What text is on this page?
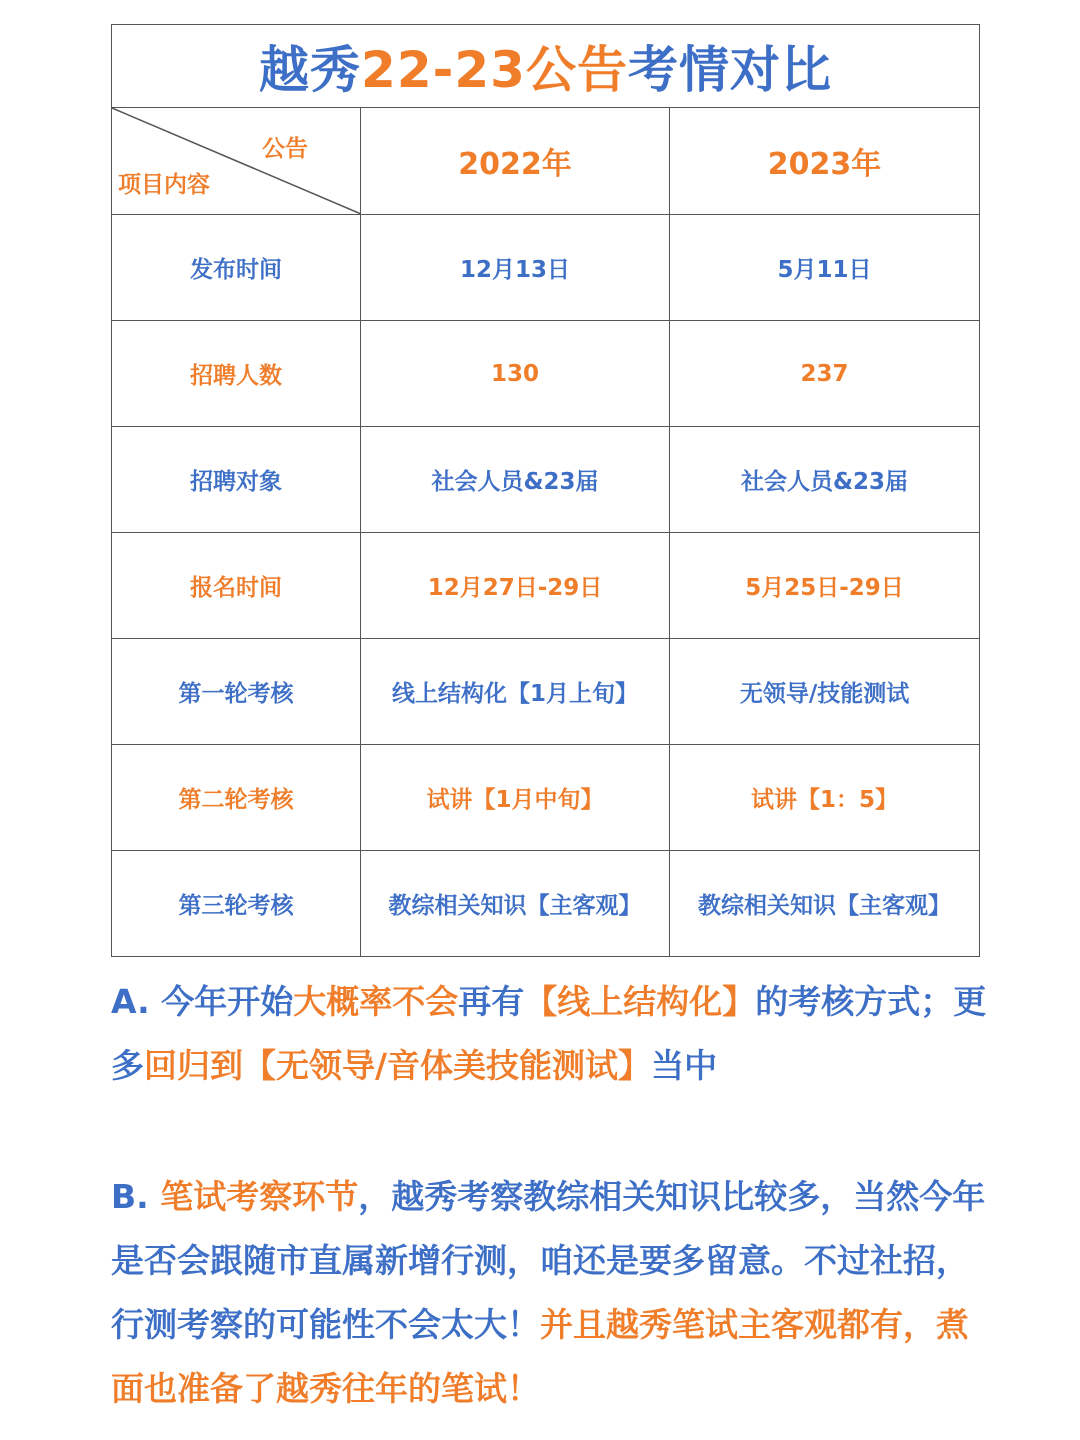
越秀22-23公告考情对比		

公告
项目内容	2022年	2023年
发布时间	12月13日	5月11日
招聘人数	130	237
招聘对象	社会人员&23届	社会人员&23届
报名时间	12月27日-29日	5月25日-29日
第一轮考核	线上结构化【1月上旬】	无领导/技能测试
第二轮考核	试讲【1月中旬】	试讲【1：5】
第三轮考核	教综相关知识【主客观】	教综相关知识【主客观】
A. 今年开始大概率不会再有【线上结构化】的考核方式；更多回归到【无领导/音体美技能测试】当中
B. 笔试考察环节，越秀考察教综相关知识比较多，当然今年是否会跟随市直属新增行测，咱还是要多留意。不过社招，行测考察的可能性不会太大！并且越秀笔试主客观都有，煮面也准备了越秀往年的笔试！
